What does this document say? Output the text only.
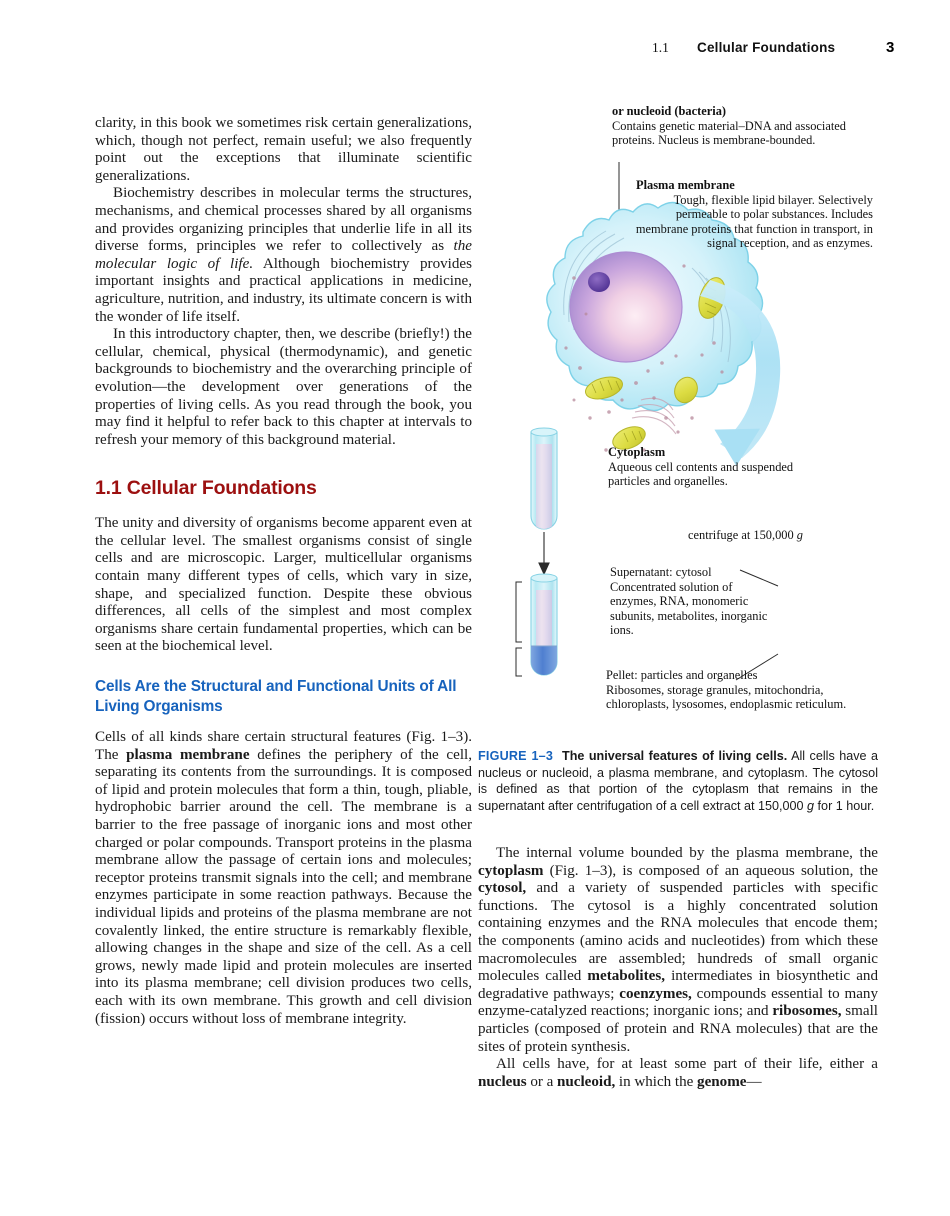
1.1 Cellular Foundations	3

clarity, in this book we sometimes risk certain generalizations, which, though not perfect, remain useful; we also frequently point out the exceptions that illuminate scientific generalizations.

Biochemistry describes in molecular terms the structures, mechanisms, and chemical processes shared by all organisms and provides organizing principles that underlie life in all its diverse forms, principles we refer to collectively as the molecular logic of life. Although biochemistry provides important insights and practical applications in medicine, agriculture, nutrition, and industry, its ultimate concern is with the wonder of life itself.

In this introductory chapter, then, we describe (briefly!) the cellular, chemical, physical (thermodynamic), and genetic backgrounds to biochemistry and the overarching principle of evolution—the development over generations of the properties of living cells. As you read through the book, you may find it helpful to refer back to this chapter at intervals to refresh your memory of this background material.

1.1 Cellular Foundations

The unity and diversity of organisms become apparent even at the cellular level. The smallest organisms consist of single cells and are microscopic. Larger, multicellular organisms contain many different types of cells, which vary in size, shape, and specialized function. Despite these obvious differences, all cells of the simplest and most complex organisms share certain fundamental properties, which can be seen at the biochemical level.

Cells Are the Structural and Functional Units of All Living Organisms

Cells of all kinds share certain structural features (Fig. 1–3). The plasma membrane defines the periphery of the cell, separating its contents from the surroundings. It is composed of lipid and protein molecules that form a thin, tough, pliable, hydrophobic barrier around the cell. The membrane is a barrier to the free passage of inorganic ions and most other charged or polar compounds. Transport proteins in the plasma membrane allow the passage of certain ions and molecules; receptor proteins transmit signals into the cell; and membrane enzymes participate in some reaction pathways. Because the individual lipids and proteins of the plasma membrane are not covalently linked, the entire structure is remarkably flexible, allowing changes in the shape and size of the cell. As a cell grows, newly made lipid and protein molecules are inserted into its plasma membrane; cell division produces two cells, each with its own membrane. This growth and cell division (fission) occurs without loss of membrane integrity.

or nucleoid (bacteria)
Contains genetic material–DNA and associated proteins. Nucleus is membrane-bounded.
Plasma membrane
Tough, flexible lipid bilayer. Selectively permeable to polar substances. Includes membrane proteins that function in transport, in signal reception, and as enzymes.
Cytoplasm
Aqueous cell contents and suspended particles and organelles.
centrifuge at 150,000 g
Supernatant: cytosol
Concentrated solution of enzymes, RNA, monomeric subunits, metabolites, inorganic ions.
Pellet: particles and organelles
Ribosomes, storage granules, mitochondria, chloroplasts, lysosomes, endoplasmic reticulum.
FIGURE 1–3 The universal features of living cells. All cells have a nucleus or nucleoid, a plasma membrane, and cytoplasm. The cytosol is defined as that portion of the cytoplasm that remains in the supernatant after centrifugation of a cell extract at 150,000 g for 1 hour.

The internal volume bounded by the plasma membrane, the cytoplasm (Fig. 1–3), is composed of an aqueous solution, the cytosol, and a variety of suspended particles with specific functions. The cytosol is a highly concentrated solution containing enzymes and the RNA molecules that encode them; the components (amino acids and nucleotides) from which these macromolecules are assembled; hundreds of small organic molecules called metabolites, intermediates in biosynthetic and degradative pathways; coenzymes, compounds essential to many enzyme-catalyzed reactions; inorganic ions; and ribosomes, small particles (composed of protein and RNA molecules) that are the sites of protein synthesis.

All cells have, for at least some part of their life, either a nucleus or a nucleoid, in which the genome—
